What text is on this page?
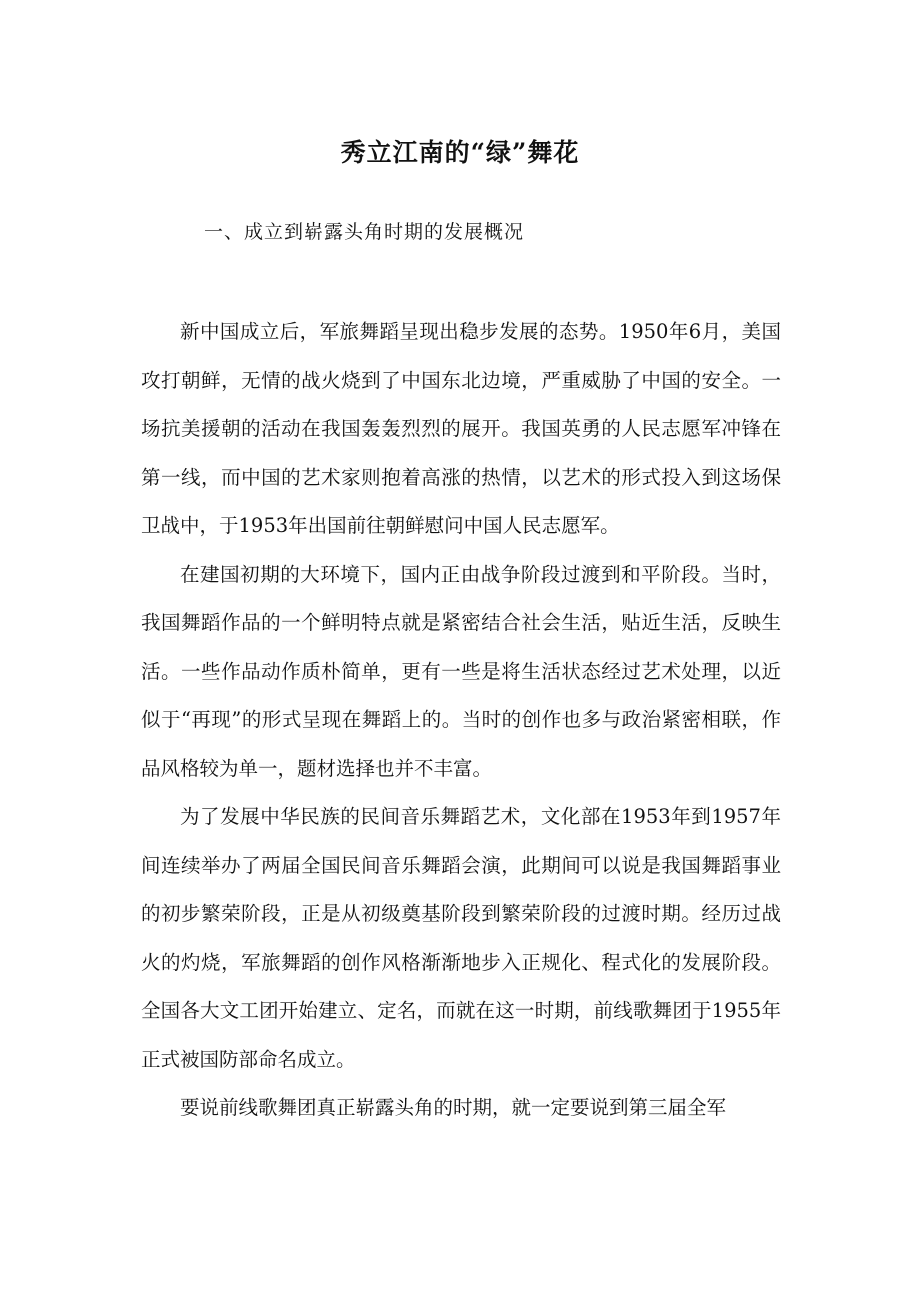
秀立江南的“绿”舞花
一、成立到崭露头角时期的发展概况

新中国成立后，军旅舞蹈呈现出稳步发展的态势。1950年6月，美国攻打朝鲜，无情的战火烧到了中国东北边境，严重威胁了中国的安全。一场抗美援朝的活动在我国轰轰烈烈的展开。我国英勇的人民志愿军冲锋在第一线，而中国的艺术家则抱着高涨的热情，以艺术的形式投入到这场保卫战中，于1953年出国前往朝鲜慰问中国人民志愿军。

在建国初期的大环境下，国内正由战争阶段过渡到和平阶段。当时，我国舞蹈作品的一个鲜明特点就是紧密结合社会生活，贴近生活，反映生活。一些作品动作质朴简单，更有一些是将生活状态经过艺术处理，以近似于“再现”的形式呈现在舞蹈上的。当时的创作也多与政治紧密相联，作品风格较为单一，题材选择也并不丰富。

为了发展中华民族的民间音乐舞蹈艺术，文化部在1953年到1957年间连续举办了两届全国民间音乐舞蹈会演，此期间可以说是我国舞蹈事业的初步繁荣阶段，正是从初级奠基阶段到繁荣阶段的过渡时期。经历过战火的灼烧，军旅舞蹈的创作风格渐渐地步入正规化、程式化的发展阶段。全国各大文工团开始建立、定名，而就在这一时期，前线歌舞团于1955年正式被国防部命名成立。

要说前线歌舞团真正崭露头角的时期，就一定要说到第三届全军
